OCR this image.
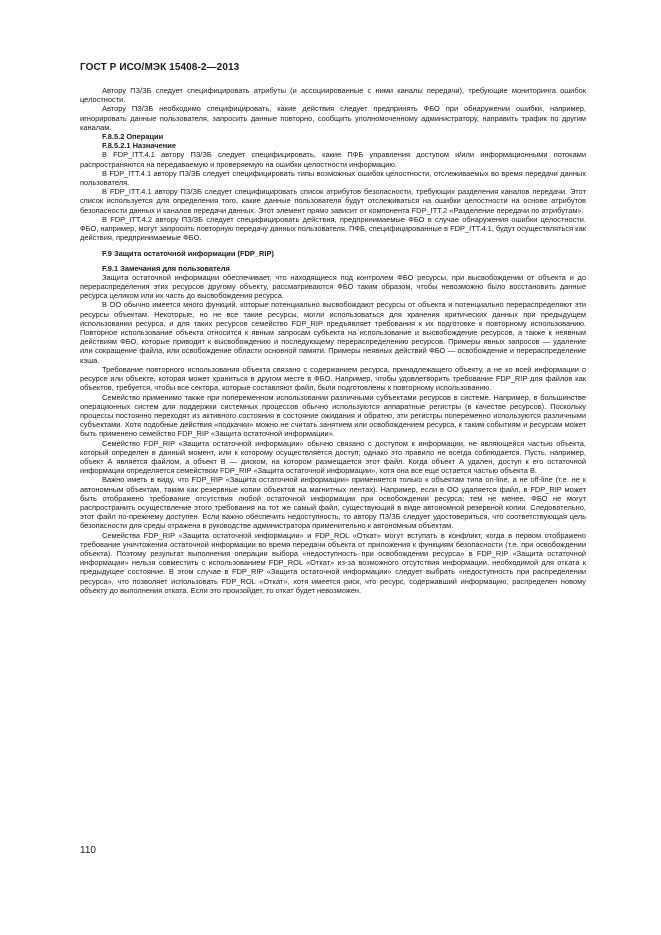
ГОСТ Р ИСО/МЭК 15408-2—2013

Автору ПЗ/ЗБ следует специфицировать атрибуты (и ассоциированные с ними каналы передачи), требующие мониторинга ошибок целостности.

Автору ПЗ/ЗБ необходимо специфицировать, какие действия следует предпринять ФБО при обнаружении ошибки, например, игнорировать данные пользователя, запросить данные повторно, сообщить уполномоченному администратору, направить трафик по другим каналам.

F.8.5.2 Операции

F.8.5.2.1 Назначение

В FDP_ITT.4.1 автору ПЗ/ЗБ следует специфицировать, какие ПФБ управления доступом и/или информационными потоками распространяются на передаваемую и проверяемую на ошибки целостности информацию.

В FDP_ITT.4.1 автору ПЗ/ЗБ следует специфицировать типы возможных ошибок целостности, отслеживаемых во время передачи данных пользователя.

В FDP_ITT.4.1 автору ПЗ/ЗБ следует специфицировать список атрибутов безопасности, требующих разделения каналов передачи. Этот список используется для определения того, какие данные пользователя будут отслеживаться на ошибки целостности на основе атрибутов безопасности данных и каналов передачи данных. Этот элемент прямо зависит от компонента FDP_ITT.2 «Разделение передачи по атрибутам».

В FDP_ITT.4.2 автору ПЗ/ЗБ следует специфицировать действия, предпринимаемые ФБО в случае обнаружения ошибки целостности. ФБО, например, могут запросить повторную передачу данных пользователя. ПФБ, специфицированные в FDP_ITT.4.1, будут осуществляться как действия, предпринимаемые ФБО.

F.9 Защита остаточной информации (FDP_RIP)

F.9.1 Замечания для пользователя

Защита остаточной информации обеспечивает, что находящиеся под контролем ФБО ресурсы, при высвобождении от объекта и до перераспределения этих ресурсов другому объекту, рассматриваются ФБО таким образом, чтобы невозможно было восстановить данные ресурса целиком или их часть до высвобождения ресурса.

В ОО обычно имеется много функций, которые потенциально высвобождают ресурсы от объекта и потенциально перераспределяют эти ресурсы объектам. Некоторые, но не все такие ресурсы, могли использоваться для хранения критических данных при предыдущем использовании ресурса, и для таких ресурсов семейство FDP_RIP предъявляет требования к их подготовке к повторному использованию. Повторное использование объекта относится к явным запросам субъекта на использование и высвобождение ресурсов, а также к неявным действиям ФБО, которые приводят к высвобождению и последующему перераспределению ресурсов. Примеры явных запросов — удаление или сокращение файла, или освобождение области основной памяти. Примеры неявных действий ФБО — освобождение и перераспределение кэша.

Требование повторного использования объекта связано с содержанием ресурса, принадлежащего объекту, а не ко всей информации о ресурсе или объекте, которая может храниться в другом месте в ФБО. Например, чтобы удовлетворить требование FDP_RIP для файлов как объектов, требуется, чтобы все сектора, которые составляют файл, были подготовлены к повторному использованию.

Семейство применимо также при попеременном использовании различными субъектами ресурсов в системе. Например, в большинстве операционных систем для поддержки системных процессов обычно используются аппаратные регистры (в качестве ресурсов). Поскольку процессы постоянно переходят из активного состояния в состояние ожидания и обратно, эти регистры попеременно используются различными субъектами. Хотя подобные действия «подкачки» можно не считать занятием или освобождением ресурса, к таким событиям и ресурсам может быть применено семейство FDP_RIP «Защита остаточной информации».

Семейство FDP_RIP «Защита остаточной информации» обычно связано с доступом к информации, не являющейся частью объекта, который определен в данный момент, или к которому осуществляется доступ; однако это правило не всегда соблюдается. Пусть, например, объект А является файлом, а объект В — диском, на котором размещается этот файл. Когда объект А удален, доступ к его остаточной информации определяется семейством FDP_RIP «Защита остаточной информации», хотя она все еще остается частью объекта В.

Важно иметь в виду, что FDP_RIP «Защита остаточной информации» применяется только к объектам типа on-line, а не off-line (т.е. не к автономным объектам, таким как резервные копии объектов на магнитных лентах). Например, если в ОО удаляется файл, в FDP_RIP может быть отображено требование отсутствия любой остаточной информации при освобождении ресурса; тем не менее, ФБО не могут распространить осуществление этого требования на тот же самый файл, существующий в виде автономной резервной копии. Следовательно, этот файл по-прежнему доступен. Если важно обеспечить недоступность, то автору ПЗ/ЗБ следует удостовериться, что соответствующая цель безопасности для среды отражена в руководстве администратора применительно к автономным объектам.

Семейства FDP_RIP «Защита остаточной информации» и FDP_ROL «Откат» могут вступать в конфликт, когда в первом отображено требование уничтожения остаточной информации во время передачи объекта от приложения к функциям безопасности (т.е. при освобождении объекта). Поэтому результат выполнения операции выбора «недоступность при освобождении ресурса» в FDP_RIP «Защита остаточной информации» нельзя совместить с использованием FDP_ROL «Откат» из-за возможного отсутствия информации, необходимой для отката к предыдущее состояние. В этом случае в FDP_RIP «Защита остаточной информации» следует выбрать «недоступность при распределении ресурса», что позволяет использовать FDP_ROL «Откат», хотя имеется риск, что ресурс, содержавший информацию, распределен новому объекту до выполнения отката. Если это произойдет, то откат будет невозможен.

110
